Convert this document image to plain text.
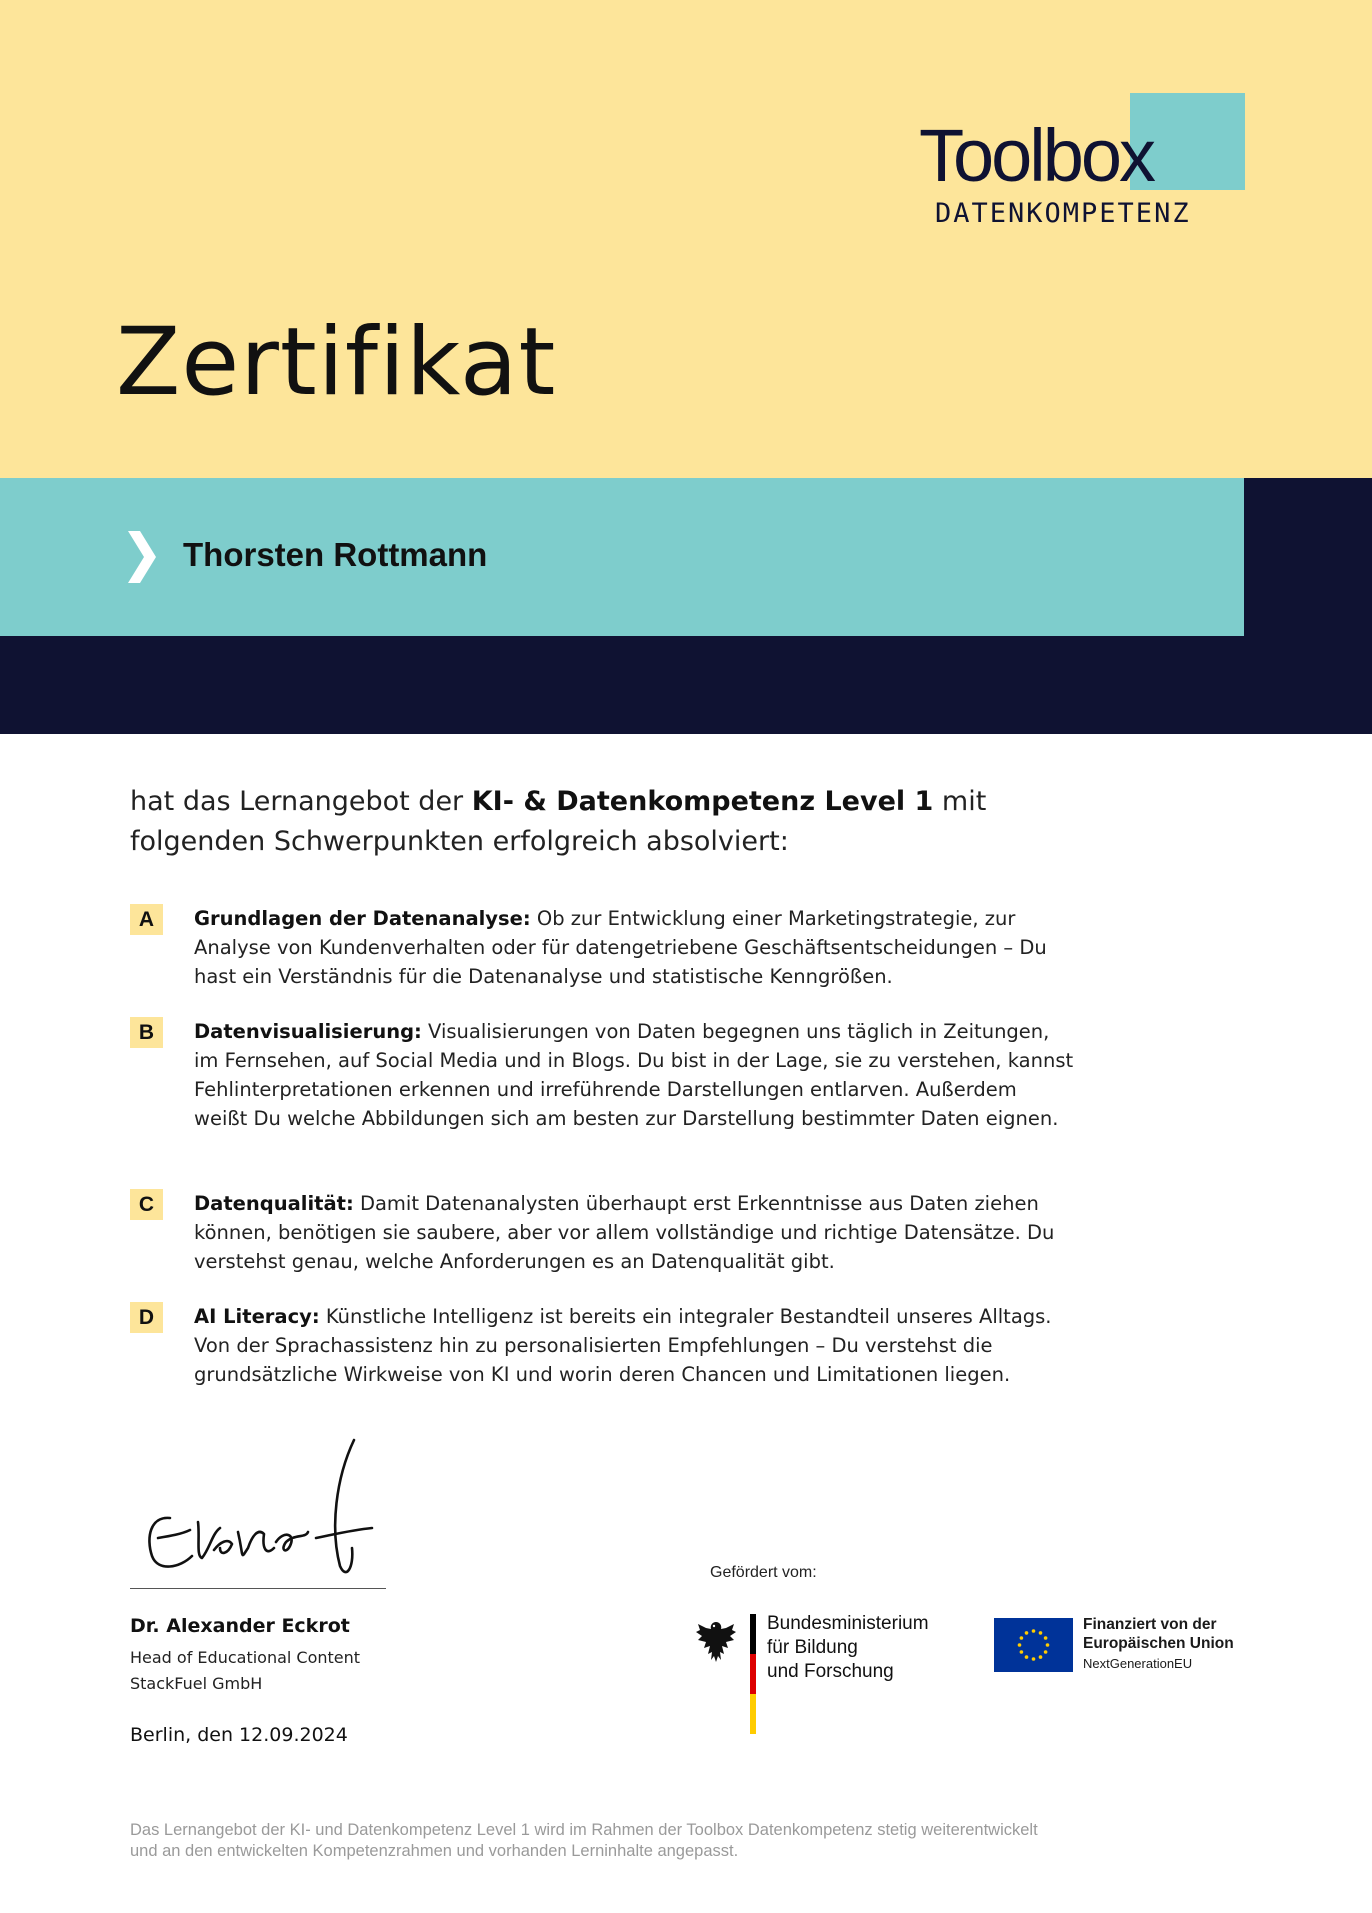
Toolbox
DATENKOMPETENZ
Zertifikat
Thorsten Rottmann
hat das Lernangebot der KI- & Datenkompetenz Level 1 mit
folgenden Schwerpunkten erfolgreich absolviert:
A	Grundlagen der Datenanalyse: Ob zur Entwicklung einer Marketingstrategie, zur Analyse von Kundenverhalten oder für datengetriebene Geschäftsentscheidungen – Du hast ein Verständnis für die Datenanalyse und statistische Kenngrößen.
B	Datenvisualisierung: Visualisierungen von Daten begegnen uns täglich in Zeitungen, im Fernsehen, auf Social Media und in Blogs. Du bist in der Lage, sie zu verstehen, kannst Fehlinterpretationen erkennen und irreführende Darstellungen entlarven. Außerdem weißt Du welche Abbildungen sich am besten zur Darstellung bestimmter Daten eignen.
C	Datenqualität: Damit Datenanalysten überhaupt erst Erkenntnisse aus Daten ziehen können, benötigen sie saubere, aber vor allem vollständige und richtige Datensätze. Du verstehst genau, welche Anforderungen es an Datenqualität gibt.
D	AI Literacy: Künstliche Intelligenz ist bereits ein integraler Bestandteil unseres Alltags. Von der Sprachassistenz hin zu personalisierten Empfehlungen – Du verstehst die grundsätzliche Wirkweise von KI und worin deren Chancen und Limitationen liegen.
Dr. Alexander Eckrot
Head of Educational Content
StackFuel GmbH
Berlin, den 12.09.2024
Gefördert vom:
Bundesministerium
für Bildung
und Forschung
Finanziert von der
Europäischen Union
NextGenerationEU
Das Lernangebot der KI- und Datenkompetenz Level 1 wird im Rahmen der Toolbox Datenkompetenz stetig weiterentwickelt
und an den entwickelten Kompetenzrahmen und vorhanden Lerninhalte angepasst.
